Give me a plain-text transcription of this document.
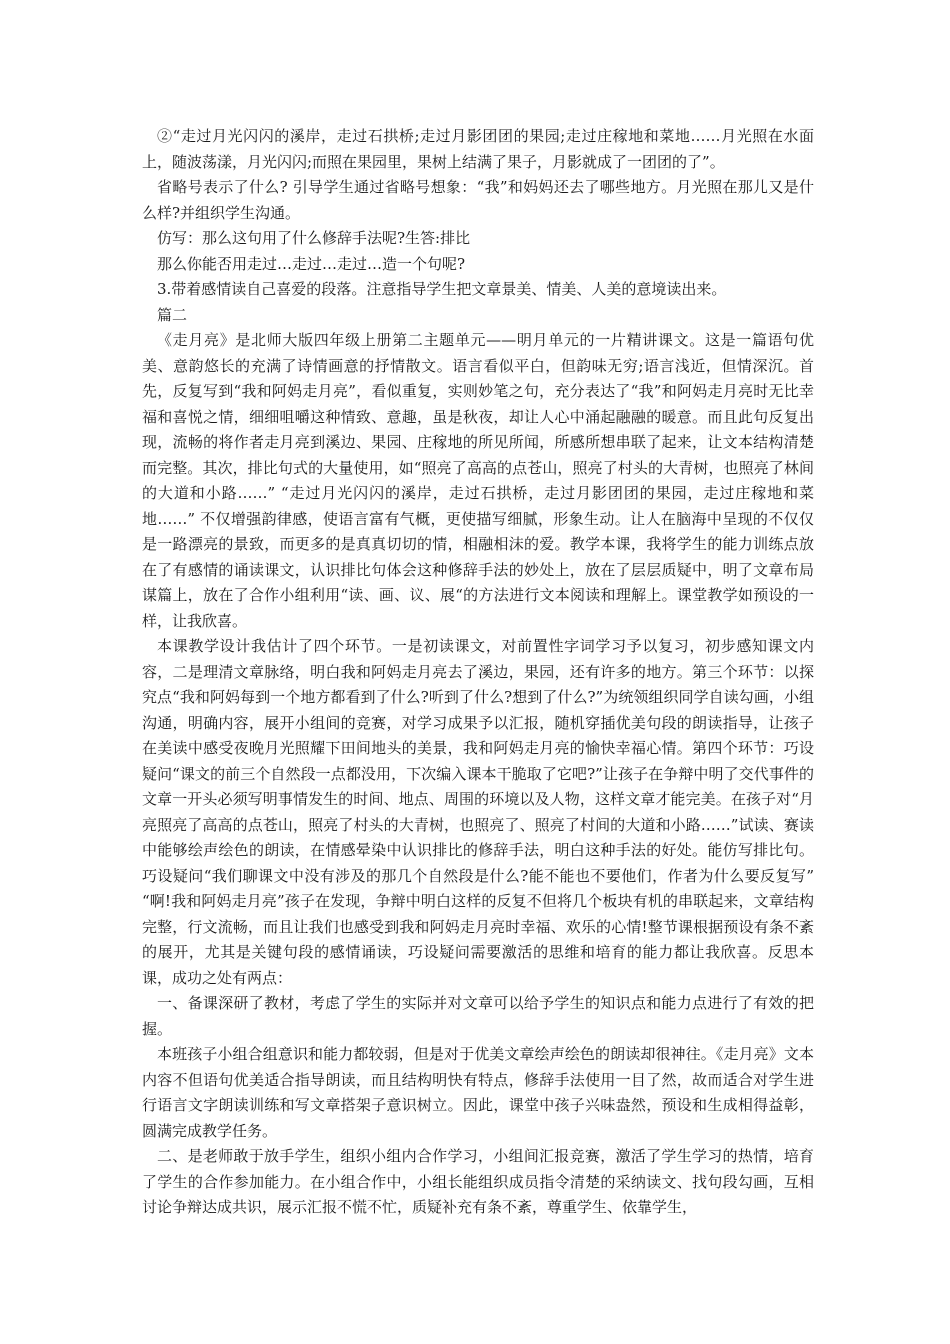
②“走过月光闪闪的溪岸，走过石拱桥;走过月影团团的果园;走过庄稼地和菜地……月光照在水面上，随波荡漾，月光闪闪;而照在果园里，果树上结满了果子，月影就成了一团团的了”。

省略号表示了什么? 引导学生通过省略号想象：“我”和妈妈还去了哪些地方。月光照在那儿又是什么样?并组织学生沟通。

仿写：那么这句用了什么修辞手法呢?生答:排比

那么你能否用走过…走过…走过…造一个句呢?

3.带着感情读自己喜爱的段落。注意指导学生把文章景美、情美、人美的意境读出来。

篇二

《走月亮》是北师大版四年级上册第二主题单元——明月单元的一片精讲课文。这是一篇语句优美、意韵悠长的充满了诗情画意的抒情散文。语言看似平白，但韵味无穷;语言浅近，但情深沉。首先，反复写到“我和阿妈走月亮”，看似重复，实则妙笔之句，充分表达了“我”和阿妈走月亮时无比幸福和喜悦之情，细细咀嚼这种情致、意趣，虽是秋夜，却让人心中涌起融融的暖意。而且此句反复出现，流畅的将作者走月亮到溪边、果园、庄稼地的所见所闻，所感所想串联了起来，让文本结构清楚而完整。其次，排比句式的大量使用，如“照亮了高高的点苍山，照亮了村头的大青树，也照亮了林间的大道和小路……” “走过月光闪闪的溪岸，走过石拱桥，走过月影团团的果园，走过庄稼地和菜地……” 不仅增强韵律感，使语言富有气概，更使描写细腻，形象生动。让人在脑海中呈现的不仅仅是一路漂亮的景致，而更多的是真真切切的情，相融相沫的爱。教学本课，我将学生的能力训练点放在了有感情的诵读课文，认识排比句体会这种修辞手法的妙处上，放在了层层质疑中，明了文章布局谋篇上，放在了合作小组利用“读、画、议、展“的方法进行文本阅读和理解上。课堂教学如预设的一样，让我欣喜。

本课教学设计我估计了四个环节。一是初读课文，对前置性字词学习予以复习，初步感知课文内容，二是理清文章脉络，明白我和阿妈走月亮去了溪边，果园，还有许多的地方。第三个环节：以探究点“我和阿妈每到一个地方都看到了什么?听到了什么?想到了什么?”为统领组织同学自读勾画，小组沟通，明确内容，展开小组间的竞赛，对学习成果予以汇报，随机穿插优美句段的朗读指导，让孩子在美读中感受夜晚月光照耀下田间地头的美景，我和阿妈走月亮的愉快幸福心情。第四个环节：巧设疑问“课文的前三个自然段一点都没用，下次编入课本干脆取了它吧?”让孩子在争辩中明了交代事件的文章一开头必须写明事情发生的时间、地点、周围的环境以及人物，这样文章才能完美。在孩子对“月亮照亮了高高的点苍山，照亮了村头的大青树，也照亮了、照亮了村间的大道和小路……”试读、赛读中能够绘声绘色的朗读，在情感晕染中认识排比的修辞手法，明白这种手法的好处。能仿写排比句。巧设疑问“我们聊课文中没有涉及的那几个自然段是什么?能不能也不要他们，作者为什么要反复写” “啊!我和阿妈走月亮”孩子在发现，争辩中明白这样的反复不但将几个板块有机的串联起来，文章结构完整，行文流畅，而且让我们也感受到我和阿妈走月亮时幸福、欢乐的心情!整节课根据预设有条不紊的展开，尤其是关键句段的感情诵读，巧设疑问需要激活的思维和培育的能力都让我欣喜。反思本课，成功之处有两点：

一、备课深研了教材，考虑了学生的实际并对文章可以给予学生的知识点和能力点进行了有效的把握。

本班孩子小组合组意识和能力都较弱，但是对于优美文章绘声绘色的朗读却很神往。《走月亮》文本内容不但语句优美适合指导朗读，而且结构明快有特点，修辞手法使用一目了然，故而适合对学生进行语言文字朗读训练和写文章搭架子意识树立。因此，课堂中孩子兴味盎然，预设和生成相得益彰，圆满完成教学任务。

二、是老师敢于放手学生，组织小组内合作学习，小组间汇报竞赛，激活了学生学习的热情，培育了学生的合作参加能力。在小组合作中，小组长能组织成员指令清楚的采纳读文、找句段勾画，互相讨论争辩达成共识，展示汇报不慌不忙，质疑补充有条不紊，尊重学生、依靠学生，
